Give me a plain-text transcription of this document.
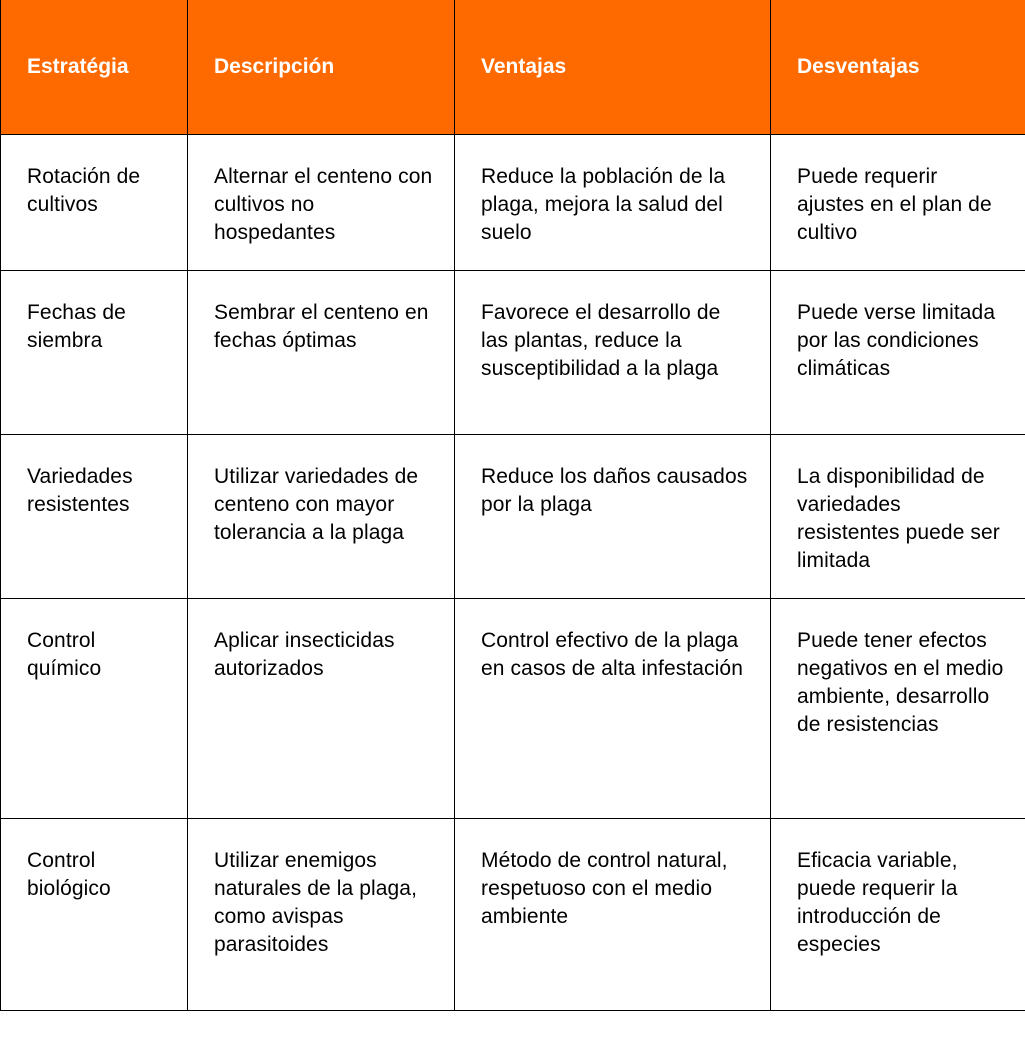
Estratégia	Descripción	Ventajas	Desventajas
Rotación de cultivos	Alternar el centeno con cultivos no hospedantes	Reduce la población de la plaga, mejora la salud del suelo	Puede requerir ajustes en el plan de cultivo
Fechas de siembra	Sembrar el centeno en fechas óptimas	Favorece el desarrollo de las plantas, reduce la susceptibilidad a la plaga	Puede verse limitada por las condiciones climáticas
Variedades resistentes	Utilizar variedades de centeno con mayor tolerancia a la plaga	Reduce los daños causados por la plaga	La disponibilidad de variedades resistentes puede ser limitada
Control químico	Aplicar insecticidas autorizados	Control efectivo de la plaga en casos de alta infestación	Puede tener efectos negativos en el medio ambiente, desarrollo de resistencias
Control biológico	Utilizar enemigos naturales de la plaga, como avispas parasitoides	Método de control natural, respetuoso con el medio ambiente	Eficacia variable, puede requerir la introducción de especies
